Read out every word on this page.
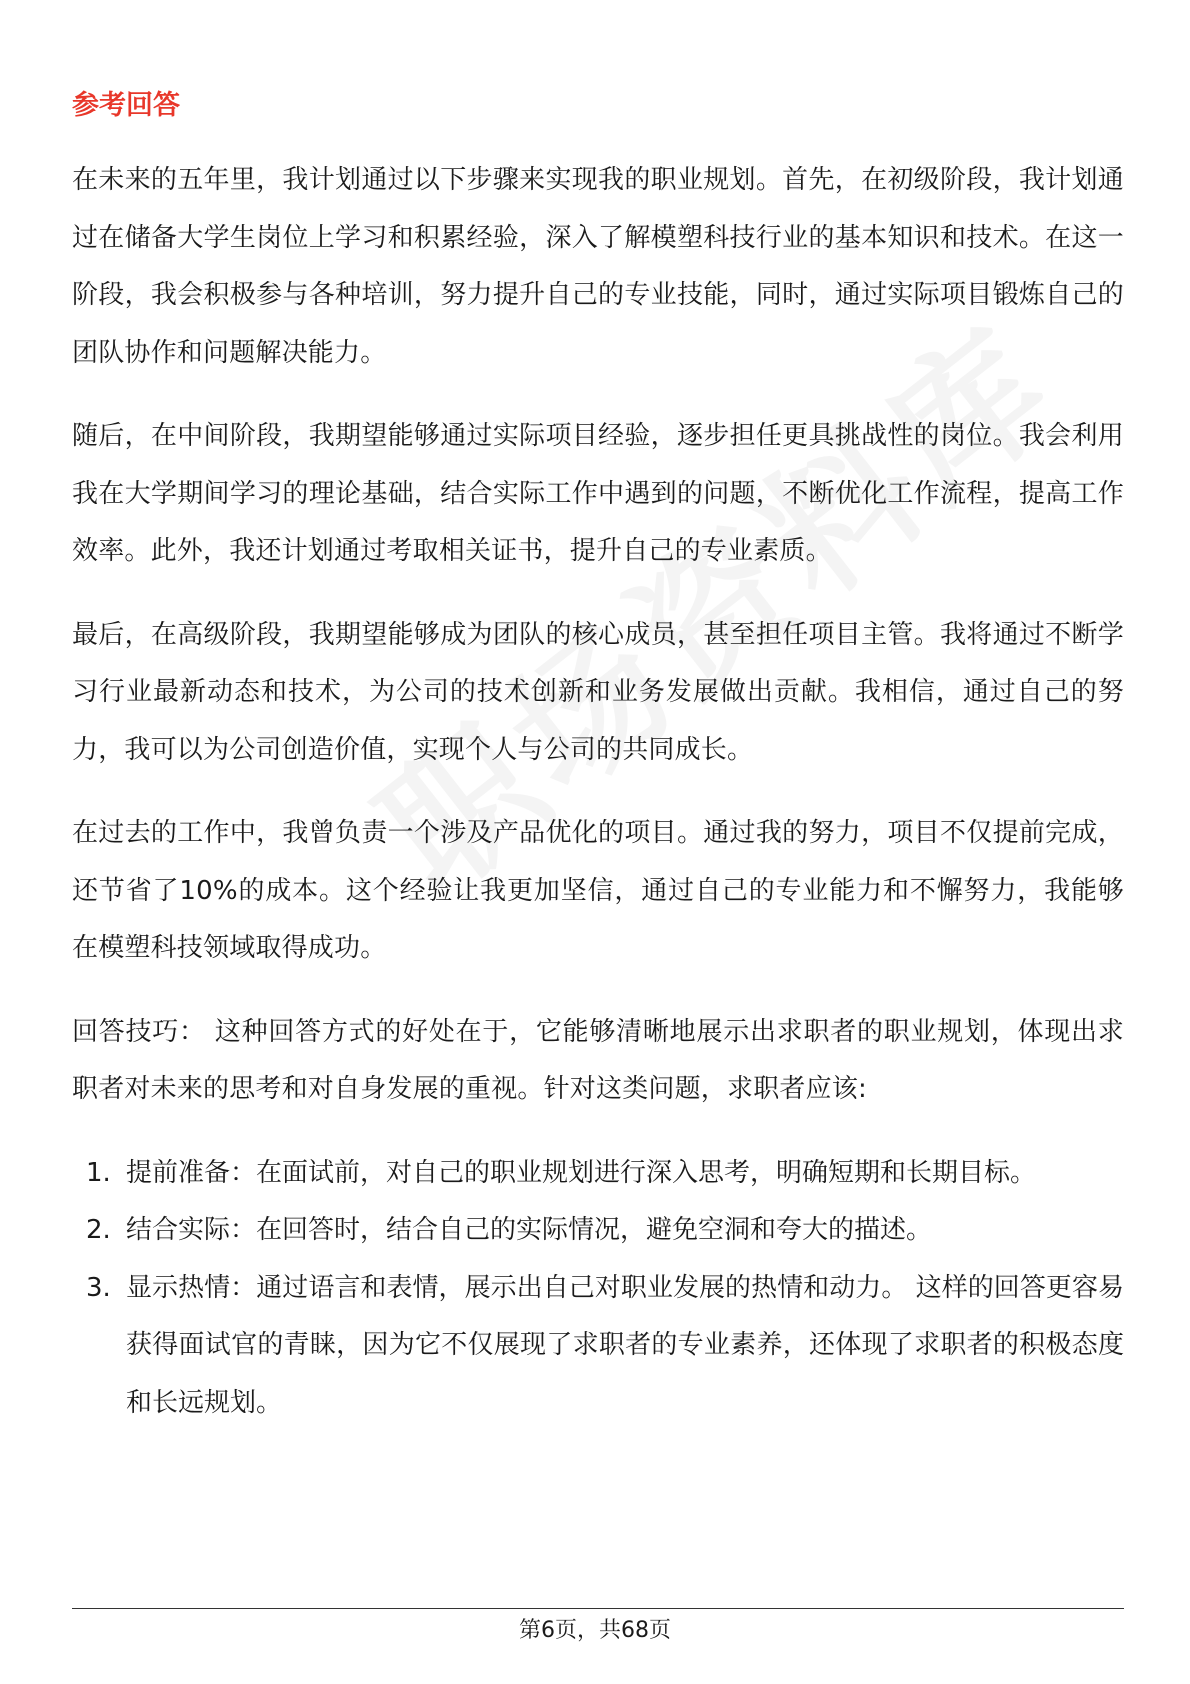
参考回答

在未来的五年里，我计划通过以下步骤来实现我的职业规划。首先，在初级阶段，我计划通过在储备大学生岗位上学习和积累经验，深入了解模塑科技行业的基本知识和技术。在这一阶段，我会积极参与各种培训，努力提升自己的专业技能，同时，通过实际项目锻炼自己的团队协作和问题解决能力。

随后，在中间阶段，我期望能够通过实际项目经验，逐步担任更具挑战性的岗位。我会利用我在大学期间学习的理论基础，结合实际工作中遇到的问题，不断优化工作流程，提高工作效率。此外，我还计划通过考取相关证书，提升自己的专业素质。

最后，在高级阶段，我期望能够成为团队的核心成员，甚至担任项目主管。我将通过不断学习行业最新动态和技术，为公司的技术创新和业务发展做出贡献。我相信，通过自己的努力，我可以为公司创造价值，实现个人与公司的共同成长。

在过去的工作中，我曾负责一个涉及产品优化的项目。通过我的努力，项目不仅提前完成，还节省了10%的成本。这个经验让我更加坚信，通过自己的专业能力和不懈努力，我能够在模塑科技领域取得成功。

回答技巧： 这种回答方式的好处在于，它能够清晰地展示出求职者的职业规划，体现出求职者对未来的思考和对自身发展的重视。针对这类问题，求职者应该:

1. 提前准备：在面试前，对自己的职业规划进行深入思考，明确短期和长期目标。
2. 结合实际：在回答时，结合自己的实际情况，避免空洞和夸大的描述。
3. 显示热情：通过语言和表情，展示出自己对职业发展的热情和动力。 这样的回答更容易获得面试官的青睐，因为它不仅展现了求职者的专业素养，还体现了求职者的积极态度和长远规划。
第6页，共68页
